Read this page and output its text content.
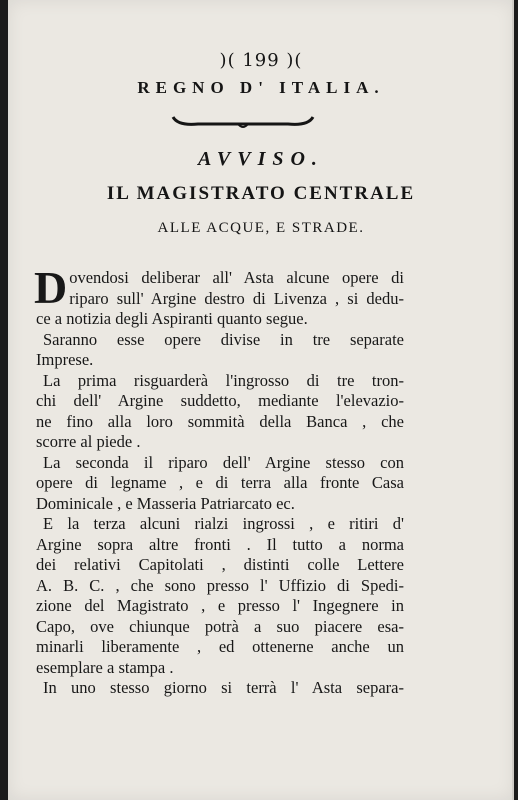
)( 199 )(
REGNO D' ITALIA.
AVVISO.
IL MAGISTRATO CENTRALE
ALLE ACQUE, E STRADE.
D ovendosi deliberar all' Asta alcune opere di
riparo sull' Argine destro di Livenza , si dedu-
ce a notizia degli Aspiranti quanto segue.
Saranno esse opere divise in tre separate
Imprese.
La prima risguarderà l'ingrosso di tre tron-
chi dell' Argine suddetto, mediante l'elevazio-
ne fino alla loro sommità della Banca , che
scorre al piede .
La seconda il riparo dell' Argine stesso con
opere di legname , e di terra alla fronte Casa
Dominicale , e Masseria Patriarcato ec.
E la terza alcuni rialzi ingrossi , e ritiri d'
Argine sopra altre fronti . Il tutto a norma
dei relativi Capitolati , distinti colle Lettere
A. B. C. , che sono presso l' Uffizio di Spedi-
zione del Magistrato , e presso l' Ingegnere in
Capo, ove chiunque potrà a suo piacere esa-
minarli liberamente , ed ottenerne anche un
esemplare a stampa .
In uno stesso giorno si terrà l' Asta separa-
